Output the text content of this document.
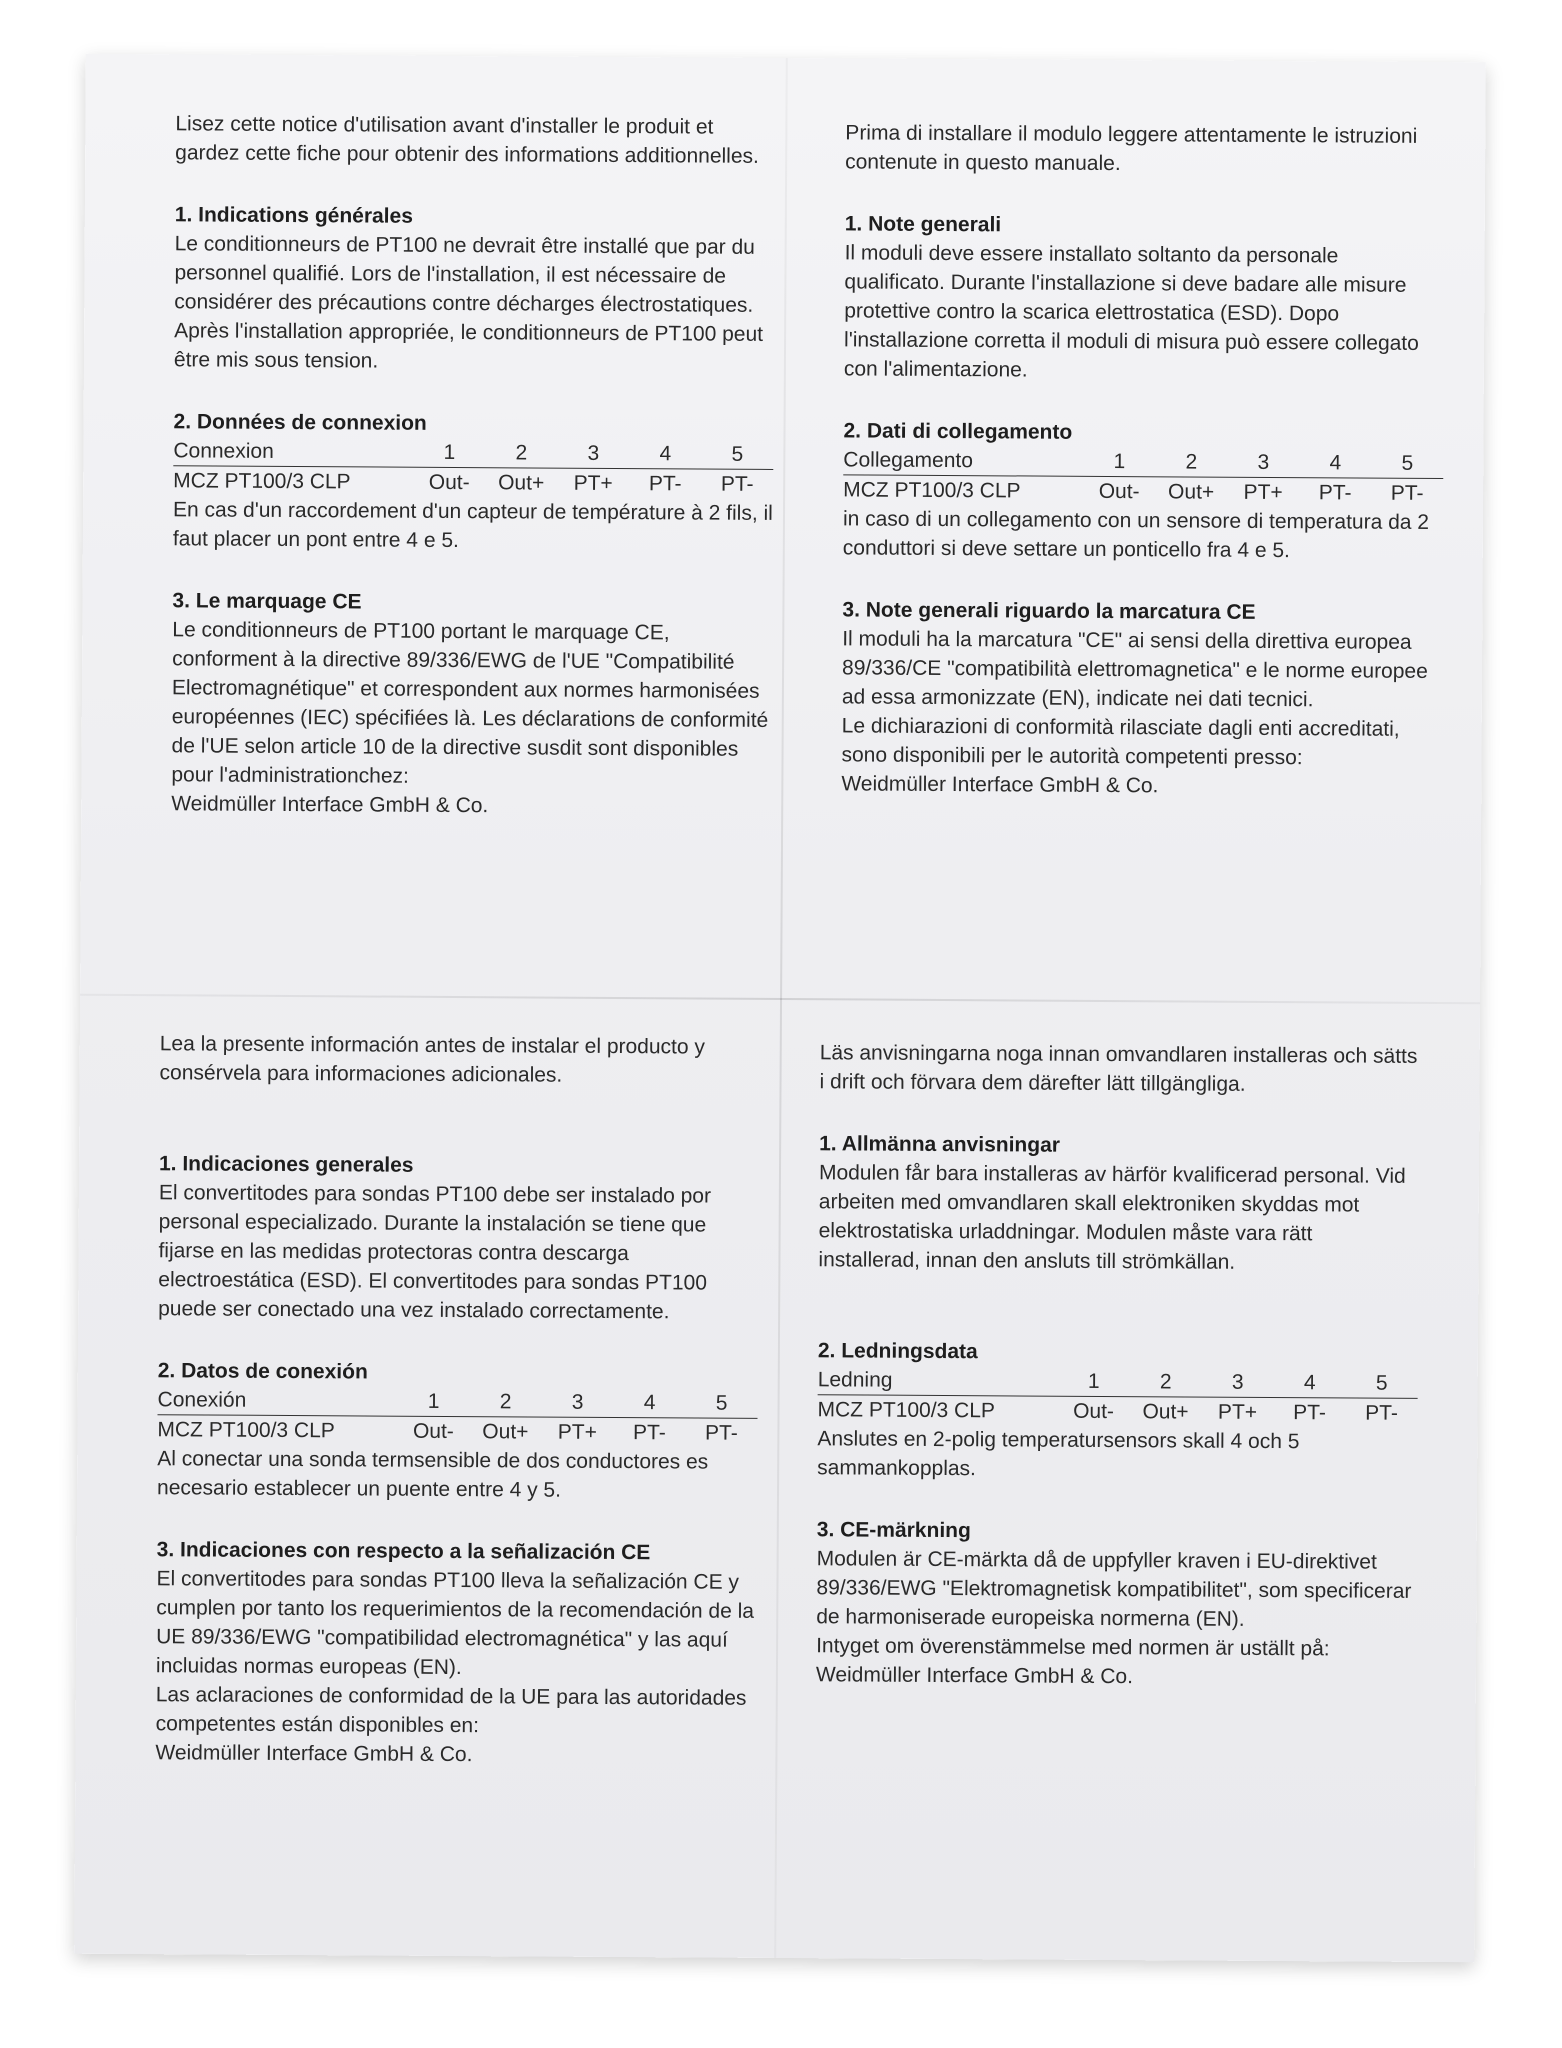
Lisez cette notice d'utilisation avant d'installer le produit et gardez cette fiche pour obtenir des informations additionnelles.

1. Indications générales
Le conditionneurs de PT100 ne devrait être installé que par du personnel qualifié. Lors de l'installation, il est nécessaire de considérer des précautions contre décharges électrostatiques. Après l'installation appropriée, le conditionneurs de PT100 peut être mis sous tension.
2. Données de connexion
Connexion	1	2	3	4	5
MCZ PT100/3 CLP	Out-	Out+	PT+	PT-	PT-
En cas d'un raccordement d'un capteur de température à 2 fils, il faut placer un pont entre 4 e 5.
3. Le marquage CE
Le conditionneurs de PT100 portant le marquage CE, conforment à la directive 89/336/EWG de l'UE "Compatibilité Electromagnétique" et correspondent aux normes harmonisées européennes (IEC) spécifiées là. Les déclarations de conformité de l'UE selon article 10 de la directive susdit sont disponibles pour l'administrationchez:
Weidmüller Interface GmbH & Co.

Prima di installare il modulo leggere attentamente le istruzioni contenute in questo manuale.

1. Note generali
Il moduli deve essere installato soltanto da personale qualificato. Durante l'installazione si deve badare alle misure protettive contro la scarica elettrostatica (ESD). Dopo l'installazione corretta il moduli di misura può essere collegato con l'alimentazione.
2. Dati di collegamento
Collegamento	1	2	3	4	5
MCZ PT100/3 CLP	Out-	Out+	PT+	PT-	PT-
in caso di un collegamento con un sensore di temperatura da 2 conduttori si deve settare un ponticello fra 4 e 5.
3. Note generali riguardo la marcatura CE
Il moduli ha la marcatura "CE" ai sensi della direttiva europea 89/336/CE "compatibilità elettromagnetica" e le norme europee ad essa armonizzate (EN), indicate nei dati tecnici.
Le dichiarazioni di conformità rilasciate dagli enti accreditati, sono disponibili per le autorità competenti presso:
Weidmüller Interface GmbH & Co.

Lea la presente información antes de instalar el producto y consérvela para informaciones adicionales.

1. Indicaciones generales
El convertitodes para sondas PT100 debe ser instalado por personal especializado. Durante la instalación se tiene que fijarse en las medidas protectoras contra descarga electroestática (ESD). El convertitodes para sondas PT100 puede ser conectado una vez instalado correctamente.
2. Datos de conexión
Conexión	1	2	3	4	5
MCZ PT100/3 CLP	Out-	Out+	PT+	PT-	PT-
Al conectar una sonda termsensible de dos conductores es necesario establecer un puente entre 4 y 5.
3. Indicaciones con respecto a la señalización CE
El convertitodes para sondas PT100 lleva la señalización CE y cumplen por tanto los requerimientos de la recomendación de la UE 89/336/EWG "compatibilidad electromagnética" y las aquí incluidas normas europeas (EN).
Las aclaraciones de conformidad de la UE para las autoridades competentes están disponibles en:
Weidmüller Interface GmbH & Co.

Läs anvisningarna noga innan omvandlaren installeras och sätts i drift och förvara dem därefter lätt tillgängliga.

1. Allmänna anvisningar
Modulen får bara installeras av härför kvalificerad personal. Vid arbeiten med omvandlaren skall elektroniken skyddas mot elektrostatiska urladdningar. Modulen måste vara rätt installerad, innan den ansluts till strömkällan.
2. Ledningsdata
Ledning	1	2	3	4	5
MCZ PT100/3 CLP	Out-	Out+	PT+	PT-	PT-
Anslutes en 2-polig temperatursensors skall 4 och 5 sammankopplas.
3. CE-märkning
Modulen är CE-märkta då de uppfyller kraven i EU-direktivet 89/336/EWG "Elektromagnetisk kompatibilitet", som specificerar de harmoniserade europeiska normerna (EN).
Intyget om överenstämmelse med normen är uställt på:
Weidmüller Interface GmbH & Co.
